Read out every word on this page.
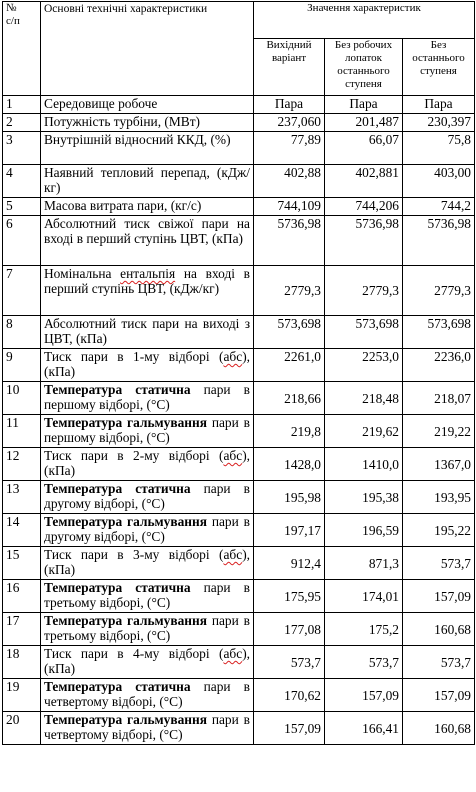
№
с/п	Основні технічні характеристики	Значення характеристик		
		Вихідний варіант	Без робочих лопаток останнього ступеня	Без останнього ступеня
1	Середовище робоче	Пара	Пара	Пара
2	Потужність турбіни, (МВт)	237,060	201,487	230,397
3	Внутрішній відносний ККД, (%)	77,89	66,07	75,8
4	Наявний тепловий перепад, (кДж/кг)	402,88	402,881	403,00
5	Масова витрата пари, (кг/с)	744,109	744,206	744,2
6	Абсолютний тиск свіжої пари на вході в перший ступінь ЦВТ, (кПа)	5736,98	5736,98	5736,98
7	Номінальна ентальпія на вході в перший ступінь ЦВТ, (кДж/кг)	2779,3	2779,3	2779,3
8	Абсолютний тиск пари на виході з ЦВТ, (кПа)	573,698	573,698	573,698
9	Тиск пари в 1-му відборі (абс), (кПа)	2261,0	2253,0	2236,0
10	Температура статична пари в першому відборі, (°С)	218,66	218,48	218,07
11	Температура гальмування пари в першому відборі, (°С)	219,8	219,62	219,22
12	Тиск пари в 2-му відборі (абс), (кПа)	1428,0	1410,0	1367,0
13	Температура статична пари в другому відборі, (°С)	195,98	195,38	193,95
14	Температура гальмування пари в другому відборі, (°С)	197,17	196,59	195,22
15	Тиск пари в 3-му відборі (абс), (кПа)	912,4	871,3	573,7
16	Температура статична пари в третьому відборі, (°С)	175,95	174,01	157,09
17	Температура гальмування пари в третьому відборі, (°С)	177,08	175,2	160,68
18	Тиск пари в 4-му відборі (абс), (кПа)	573,7	573,7	573,7
19	Температура статична пари в четвертому відборі, (°С)	170,62	157,09	157,09
20	Температура гальмування пари в четвертому відборі, (°С)	157,09	166,41	160,68
